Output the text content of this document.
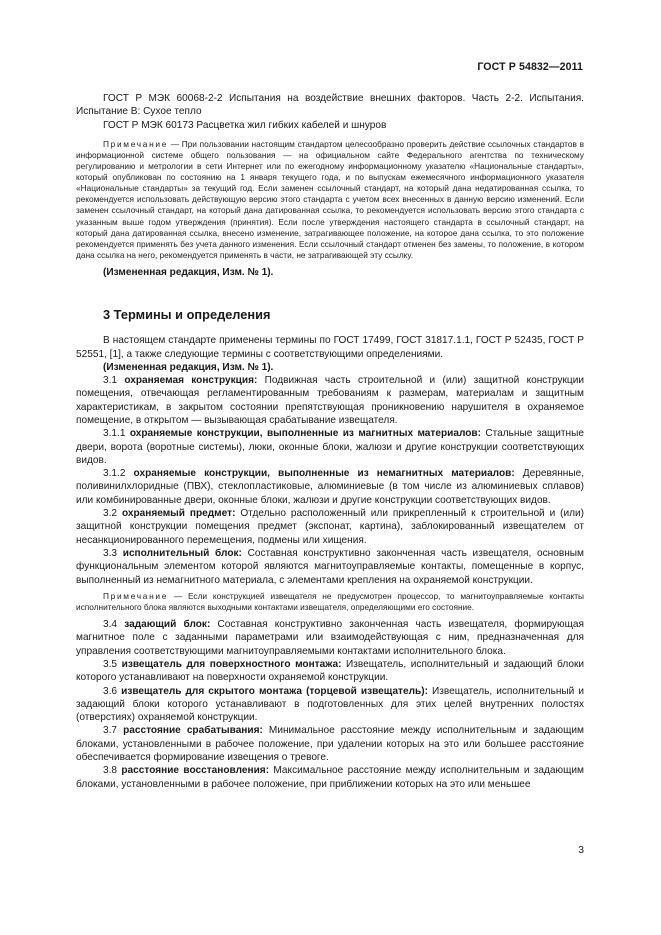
ГОСТ Р 54832—2011

ГОСТ Р МЭК 60068-2-2 Испытания на воздействие внешних факторов. Часть 2-2. Испытания. Испытание В: Сухое тепло

ГОСТ Р МЭК 60173 Расцветка жил гибких кабелей и шнуров

Примечание — При пользовании настоящим стандартом целесообразно проверить действие ссылочных стандартов в информационной системе общего пользования — на официальном сайте Федерального агентства по техническому регулированию и метрологии в сети Интернет или по ежегодному информационному указателю «Национальные стандарты», который опубликован по состоянию на 1 января текущего года, и по выпускам ежемесячного информационного указателя «Национальные стандарты» за текущий год. Если заменен ссылочный стандарт, на который дана недатированная ссылка, то рекомендуется использовать действующую версию этого стандарта с учетом всех внесенных в данную версию изменений. Если заменен ссылочный стандарт, на который дана датированная ссылка, то рекомендуется использовать версию этого стандарта с указанным выше годом утверждения (принятия). Если после утверждения настоящего стандарта в ссылочный стандарт, на который дана датированная ссылка, внесено изменение, затрагивающее положение, на которое дана ссылка, то это положение рекомендуется применять без учета данного изменения. Если ссылочный стандарт отменен без замены, то положение, в котором дана ссылка на него, рекомендуется применять в части, не затрагивающей эту ссылку.

(Измененная редакция, Изм. № 1).

3 Термины и определения

В настоящем стандарте применены термины по ГОСТ 17499, ГОСТ 31817.1.1, ГОСТ Р 52435, ГОСТ Р 52551, [1], а также следующие термины с соответствующими определениями.

(Измененная редакция, Изм. № 1).

3.1 охраняемая конструкция: Подвижная часть строительной и (или) защитной конструкции помещения, отвечающая регламентированным требованиям к размерам, материалам и защитным характеристикам, в закрытом состоянии препятствующая проникновению нарушителя в охраняемое помещение, в открытом — вызывающая срабатывание извещателя.

3.1.1 охраняемые конструкции, выполненные из магнитных материалов: Стальные защитные двери, ворота (воротные системы), люки, оконные блоки, жалюзи и другие конструкции соответствующих видов.

3.1.2 охраняемые конструкции, выполненные из немагнитных материалов: Деревянные, поливинилхлоридные (ПВХ), стеклопластиковые, алюминиевые (в том числе из алюминиевых сплавов) или комбинированные двери, оконные блоки, жалюзи и другие конструкции соответствующих видов.

3.2 охраняемый предмет: Отдельно расположенный или прикрепленный к строительной и (или) защитной конструкции помещения предмет (экспонат, картина), заблокированный извещателем от несанкционированного перемещения, подмены или хищения.

3.3 исполнительный блок: Составная конструктивно законченная часть извещателя, основным функциональным элементом которой являются магнитоуправляемые контакты, помещенные в корпус, выполненный из немагнитного материала, с элементами крепления на охраняемой конструкции.

Примечание — Если конструкцией извещателя не предусмотрен процессор, то магнитоуправляемые контакты исполнительного блока являются выходными контактами извещателя, определяющими его состояние.

3.4 задающий блок: Составная конструктивно законченная часть извещателя, формирующая магнитное поле с заданными параметрами или взаимодействующая с ним, предназначенная для управления соответствующими магнитоуправляемыми контактами исполнительного блока.

3.5 извещатель для поверхностного монтажа: Извещатель, исполнительный и задающий блоки которого устанавливают на поверхности охраняемой конструкции.

3.6 извещатель для скрытого монтажа (торцевой извещатель): Извещатель, исполнительный и задающий блоки которого устанавливают в подготовленных для этих целей внутренних полостях (отверстиях) охраняемой конструкции.

3.7 расстояние срабатывания: Минимальное расстояние между исполнительным и задающим блоками, установленными в рабочее положение, при удалении которых на это или большее расстояние обеспечивается формирование извещения о тревоге.

3.8 расстояние восстановления: Максимальное расстояние между исполнительным и задающим блоками, установленными в рабочее положение, при приближении которых на это или меньшее

3
